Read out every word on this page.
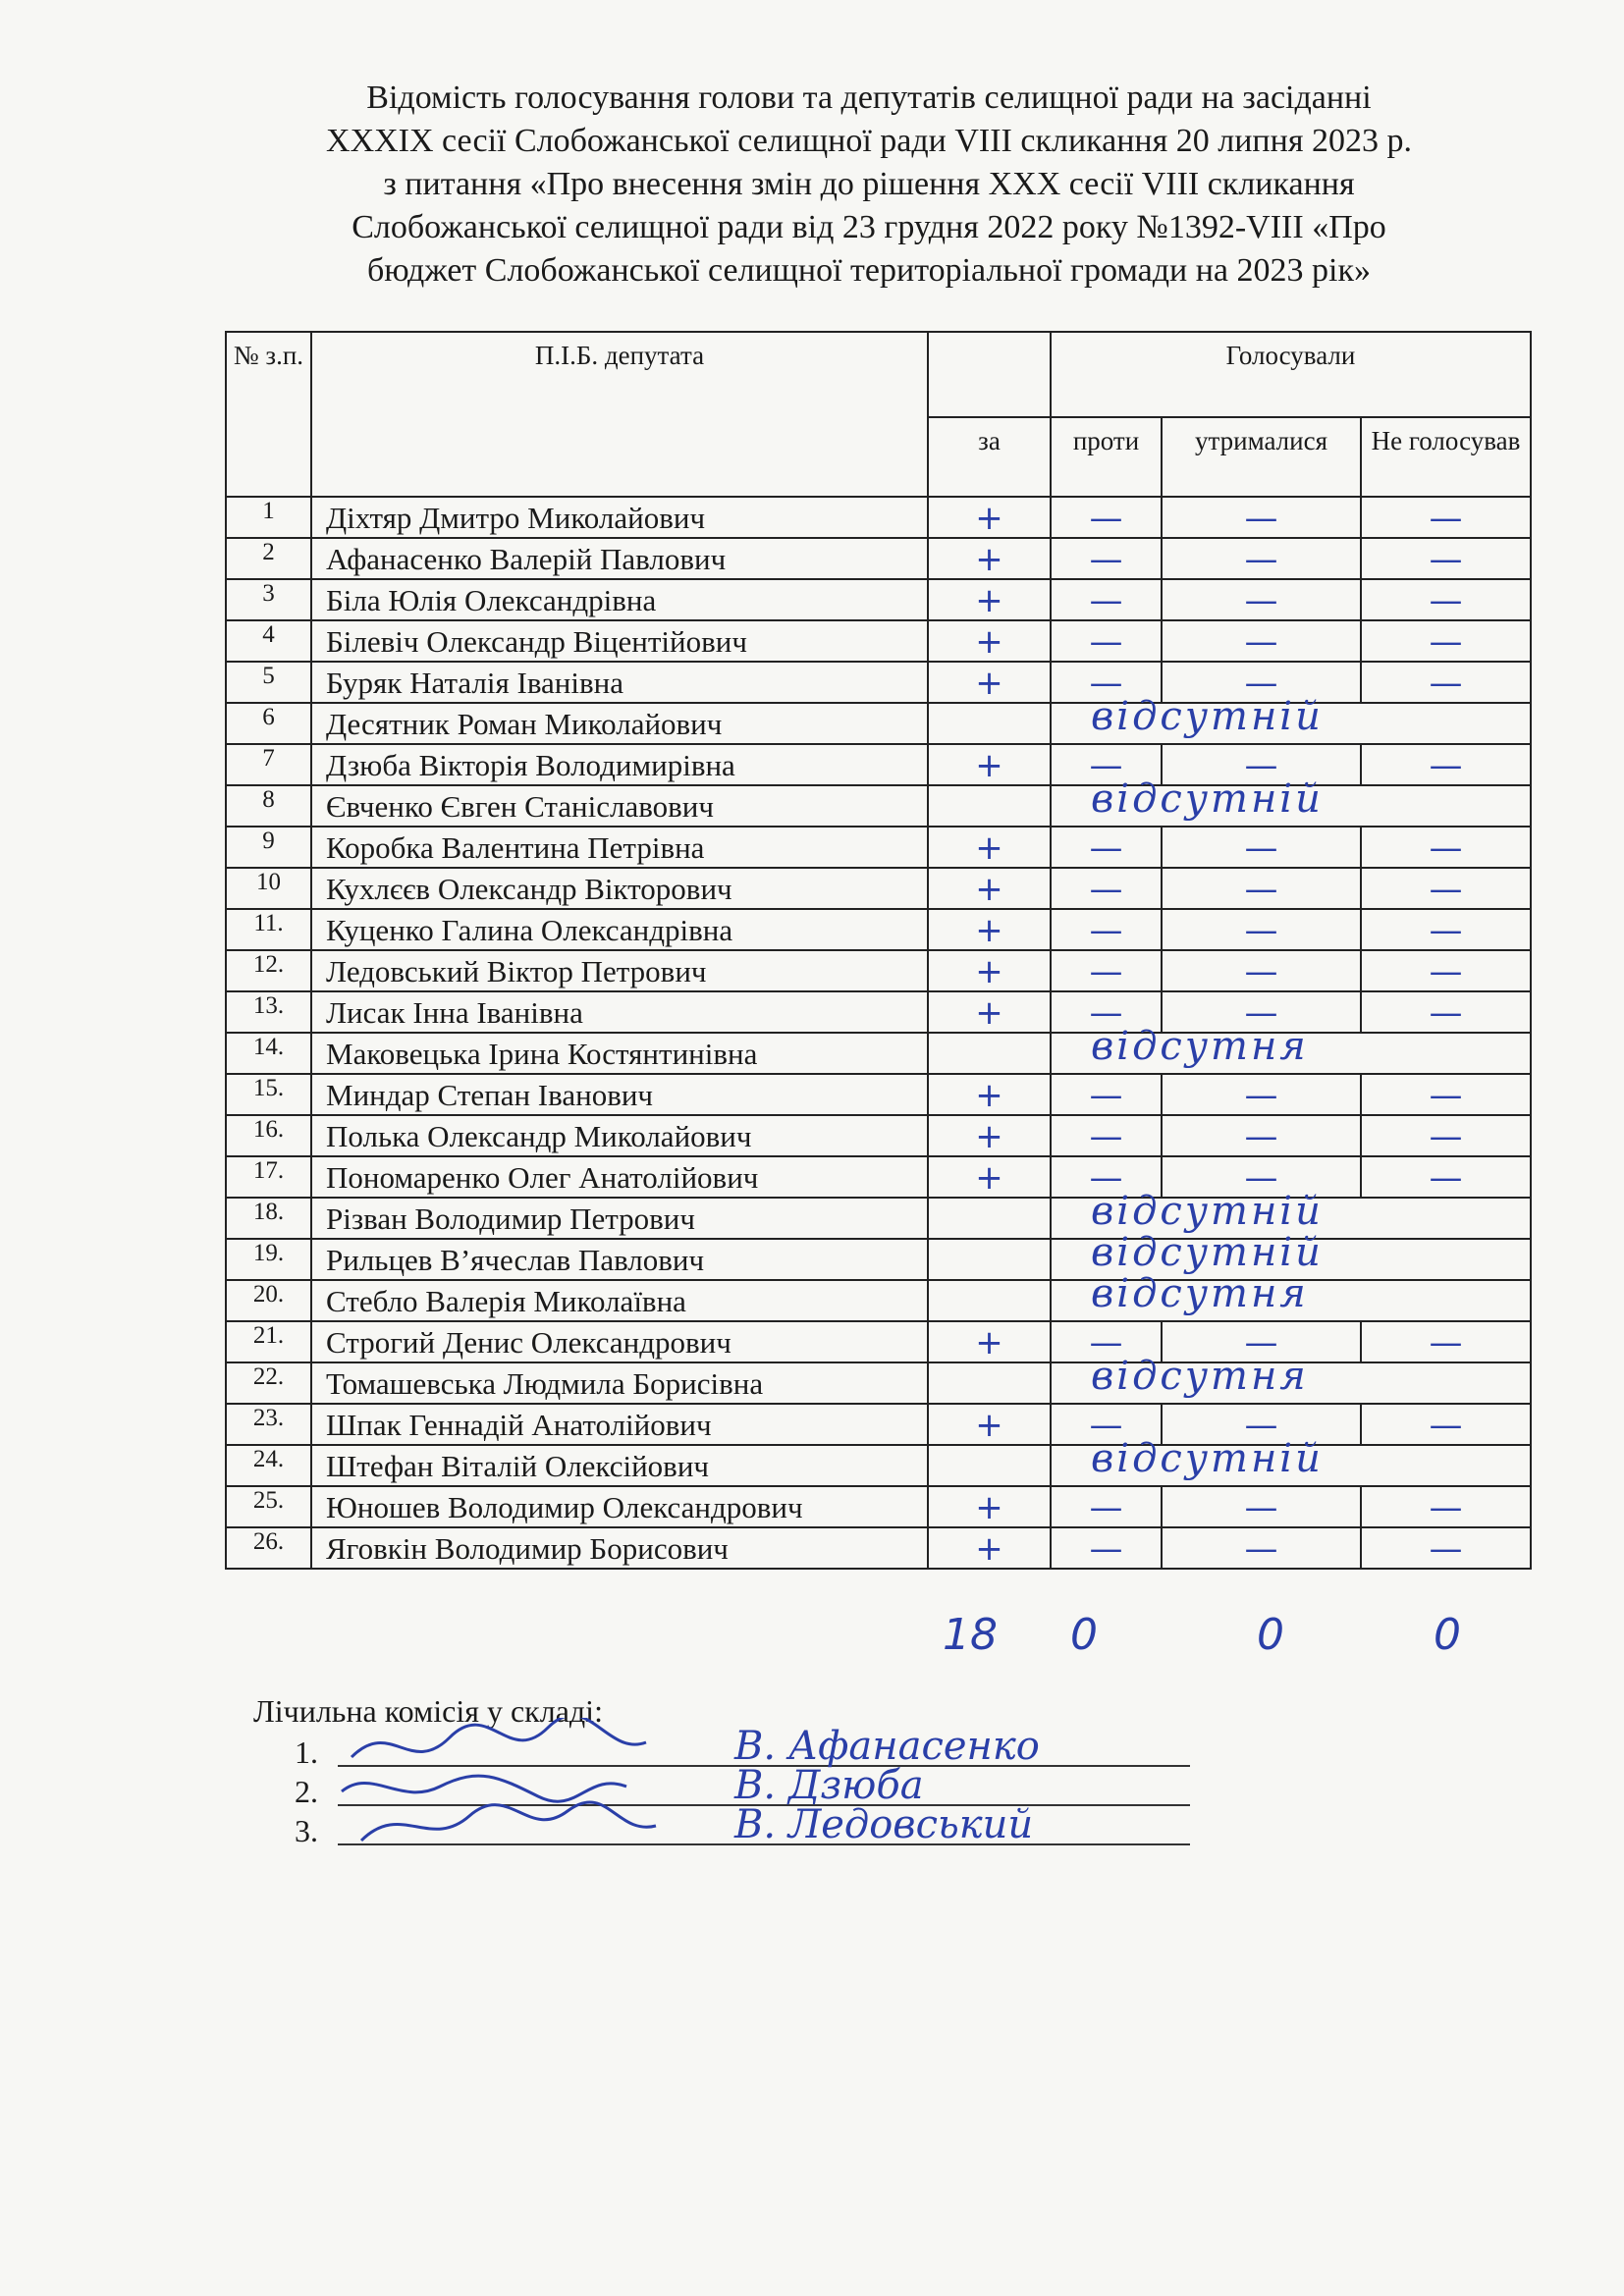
Відомість голосування голови та депутатів селищної ради на засіданні
XXXIX сесії Слобожанської селищної ради VIII скликання 20 липня 2023 р.
з питання «Про внесення змін до рішення XXX сесії VIII скликання
Слобожанської селищної ради від 23 грудня 2022 року №1392-VIII «Про
бюджет Слобожанської селищної територіальної громади на 2023 рік»
№ з.п.	П.І.Б. депутата		Голосували		
		за	проти	утрималися	Не голосував
1	Діхтяр Дмитро Миколайович	+	—	—	—
2	Афанасенко Валерій Павлович	+	—	—	—
3	Біла Юлія Олександрівна	+	—	—	—
4	Білевіч Олександр Віцентійович	+	—	—	—
5	Буряк Наталія Іванівна	+	—	—	—
6	Десятник Роман Миколайович		відсутній		

7	Дзюба Вікторія Володимирівна	+	—	—	—
8	Євченко Євген Станіславович		відсутній		

9	Коробка Валентина Петрівна	+	—	—	—
10	Кухлєєв Олександр Вікторович	+	—	—	—
11.	Куценко Галина Олександрівна	+	—	—	—
12.	Ледовський Віктор Петрович	+	—	—	—
13.	Лисак Інна Іванівна	+	—	—	—
14.	Маковецька Ірина Костянтинівна		відсутня		

15.	Миндар Степан Іванович	+	—	—	—
16.	Полька Олександр Миколайович	+	—	—	—
17.	Пономаренко Олег Анатолійович	+	—	—	—
18.	Різван Володимир Петрович		відсутній		

19.	Рильцев В’ячеслав Павлович		відсутній		

20.	Стебло Валерія Миколаївна		відсутня		

21.	Строгий Денис Олександрович	+	—	—	—
22.	Томашевська Людмила Борисівна		відсутня		

23.	Шпак Геннадій Анатолійович	+	—	—	—
24.	Штефан Віталій Олексійович		відсутній		

25.	Юношев Володимир Олександрович	+	—	—	—
26.	Яговкін Володимир Борисович	+	—	—	—
18 0	0	0
Лічильна комісія у складі:
1.	В. Афанасенко
2.	В. Дзюба
3.	В. Ледовський
